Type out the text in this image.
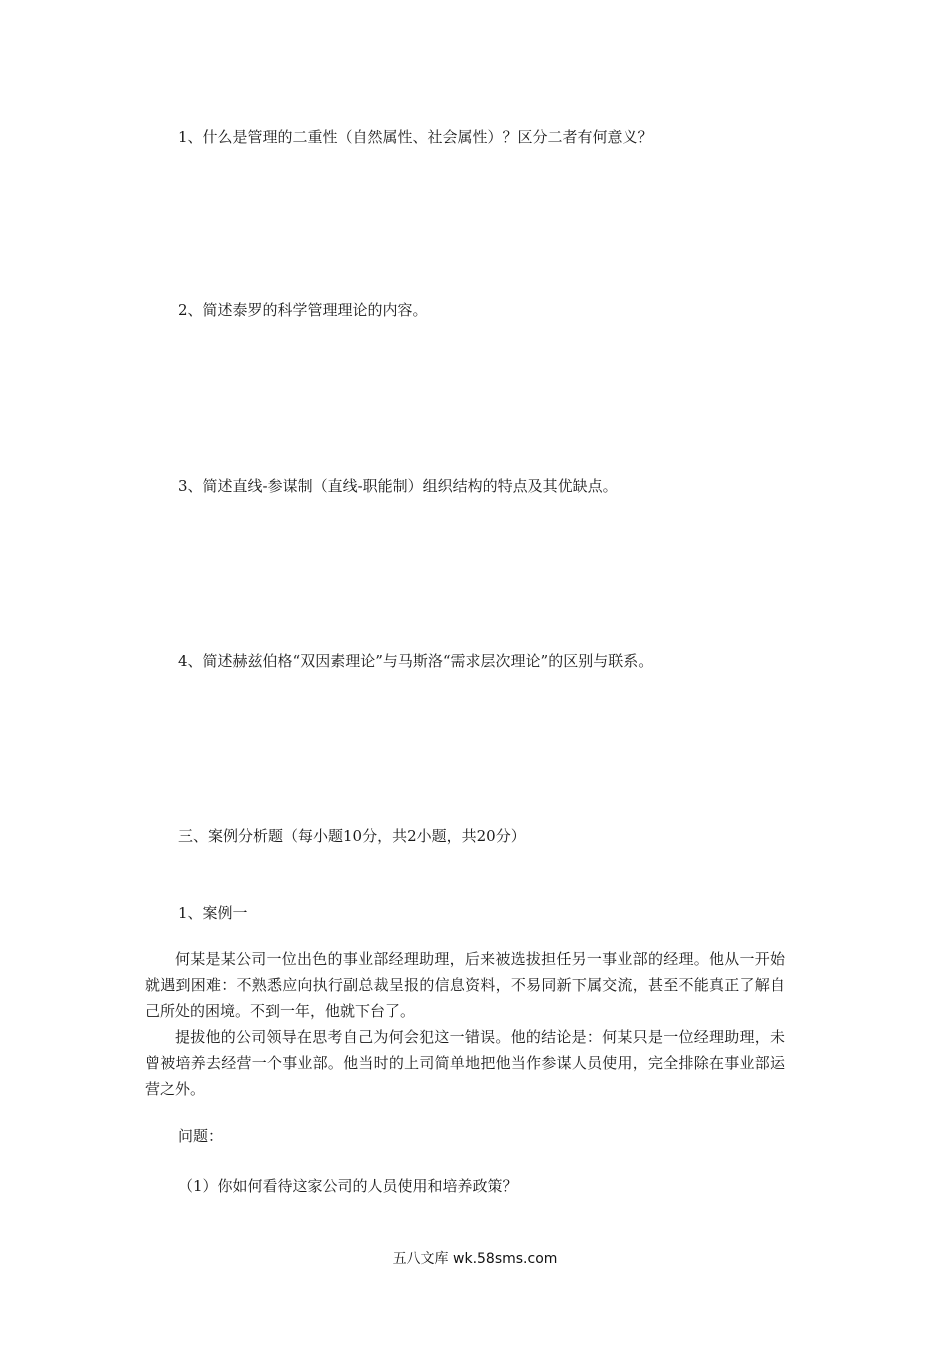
1、什么是管理的二重性（自然属性、社会属性）？区分二者有何意义？
2、简述泰罗的科学管理理论的内容。
3、简述直线-参谋制（直线-职能制）组织结构的特点及其优缺点。
4、简述赫兹伯格“双因素理论”与马斯洛“需求层次理论”的区别与联系。
三、案例分析题（每小题10分，共2小题，共20分）
1、案例一

何某是某公司一位出色的事业部经理助理，后来被选拔担任另一事业部的经理。他从一开始就遇到困难：不熟悉应向执行副总裁呈报的信息资料，不易同新下属交流，甚至不能真正了解自己所处的困境。不到一年，他就下台了。

提拔他的公司领导在思考自己为何会犯这一错误。他的结论是：何某只是一位经理助理，未曾被培养去经营一个事业部。他当时的上司简单地把他当作参谋人员使用，完全排除在事业部运营之外。

问题：
（1）你如何看待这家公司的人员使用和培养政策？
五八文库 wk.58sms.com
